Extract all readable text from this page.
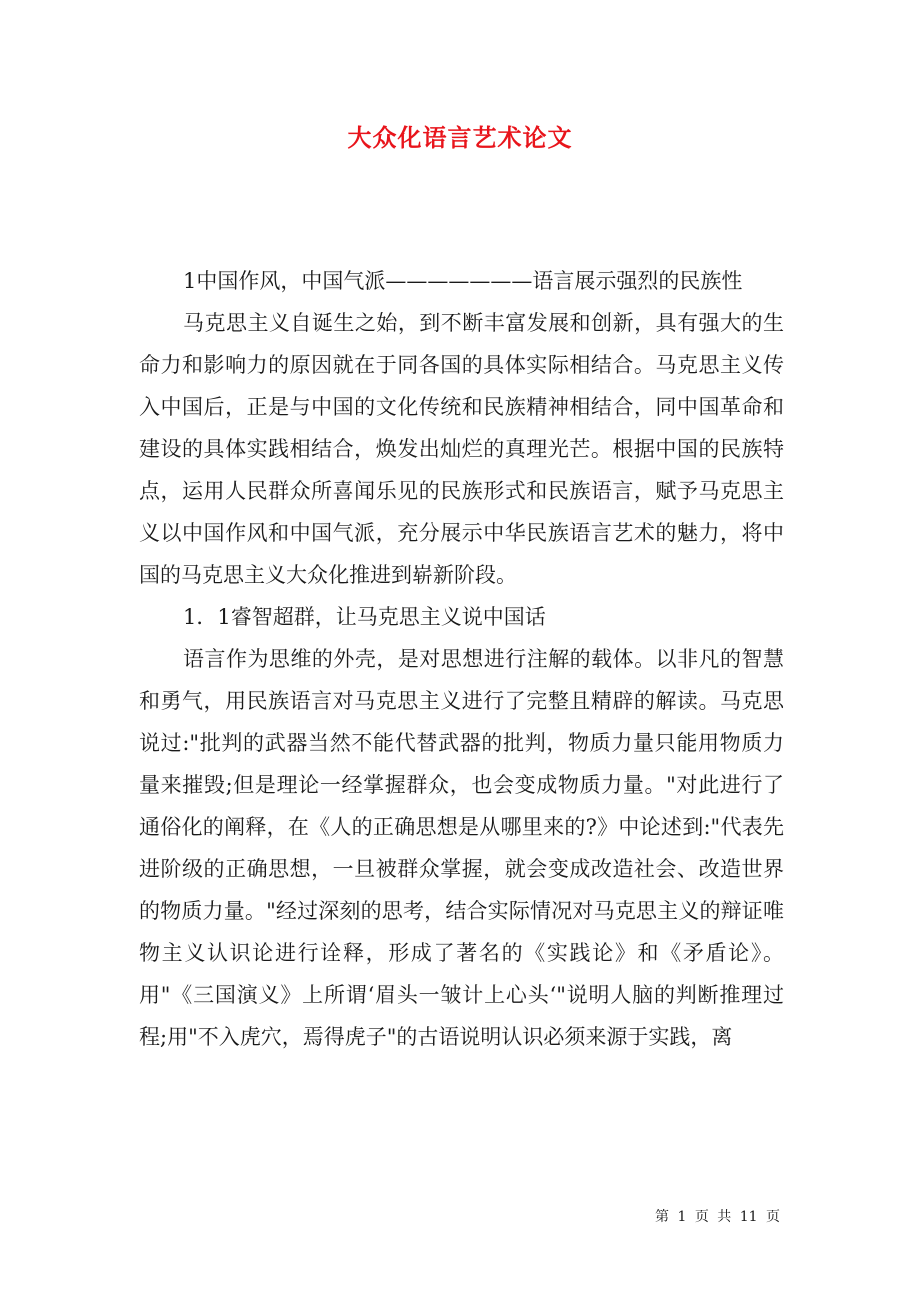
大众化语言艺术论文

1中国作风，中国气派———————语言展示强烈的民族性

马克思主义自诞生之始，到不断丰富发展和创新，具有强大的生命力和影响力的原因就在于同各国的具体实际相结合。马克思主义传入中国后，正是与中国的文化传统和民族精神相结合，同中国革命和建设的具体实践相结合，焕发出灿烂的真理光芒。根据中国的民族特点，运用人民群众所喜闻乐见的民族形式和民族语言，赋予马克思主义以中国作风和中国气派，充分展示中华民族语言艺术的魅力，将中国的马克思主义大众化推进到崭新阶段。

1．1睿智超群，让马克思主义说中国话

语言作为思维的外壳，是对思想进行注解的载体。以非凡的智慧和勇气，用民族语言对马克思主义进行了完整且精辟的解读。马克思说过:"批判的武器当然不能代替武器的批判，物质力量只能用物质力量来摧毁;但是理论一经掌握群众，也会变成物质力量。"对此进行了通俗化的阐释，在《人的正确思想是从哪里来的?》中论述到:"代表先进阶级的正确思想，一旦被群众掌握，就会变成改造社会、改造世界的物质力量。"经过深刻的思考，结合实际情况对马克思主义的辩证唯物主义认识论进行诠释，形成了著名的《实践论》和《矛盾论》。用"《三国演义》上所谓‘眉头一皱计上心头‘"说明人脑的判断推理过程;用"不入虎穴，焉得虎子"的古语说明认识必须来源于实践，离

第 1 页 共 11 页
